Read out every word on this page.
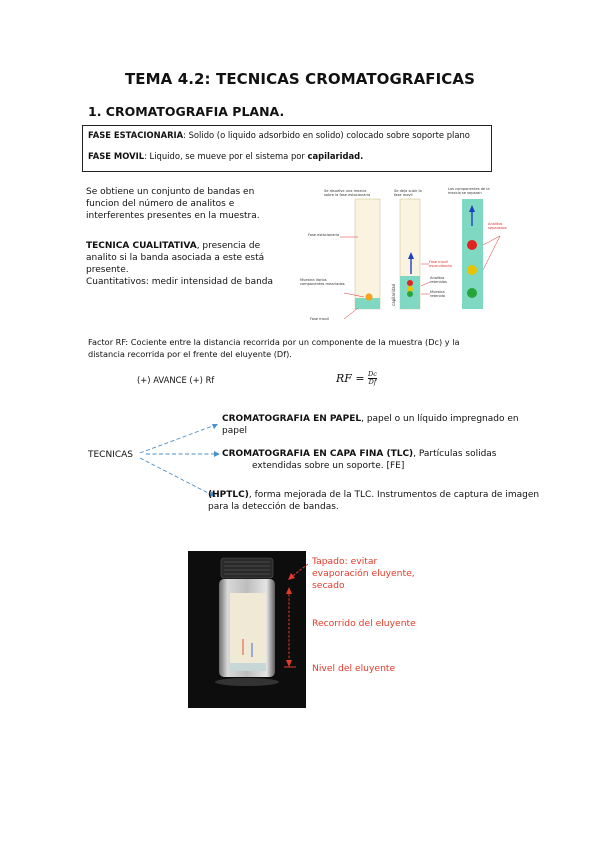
TEMA 4.2: TECNICAS CROMATOGRAFICAS
1. CROMATOGRAFIA PLANA.
FASE ESTACIONARIA: Solido (o liquido adsorbido en solido) colocado sobre soporte plano
FASE MOVIL: Liquido, se mueve por el sistema por capilaridad.
Se obtiene un conjunto de bandas en
funcion del número de analitos e
interferentes presentes en la muestra.
TECNICA CUALITATIVA, presencia de
analito si la banda asociada a este está
presente.
Cuantitativos: medir intensidad de banda
capilaridad
Se disuelve una mezcla sobre la fase estacionaria
Se deja subir la fase movil
Los componentes de la mezcla se separan
Fase estacionaria
Muestra Varios componentes mezclados
Fase movil
Fase movil ascendiendo
Analitos retenidos
Muestra retenida
Analitos separados
Factor RF: Cociente entre la distancia recorrida por un componente de la muestra (Dc) y la
distancia recorrida por el frente del eluyente (Df).
(+) AVANCE (+) Rf	RF = $\frac{Dc}{Df}$
TECNICAS
CROMATOGRAFIA EN PAPEL, papel o un líquido impregnado en
papel
CROMATOGRAFIA EN CAPA FINA (TLC), Partículas solidas
extendidas sobre un soporte. [FE]
(HPTLC), forma mejorada de la TLC. Instrumentos de captura de imagen
para la detección de bandas.
Tapado: evitar
evaporación eluyente,
secado
Recorrido del eluyente
Nivel del eluyente
